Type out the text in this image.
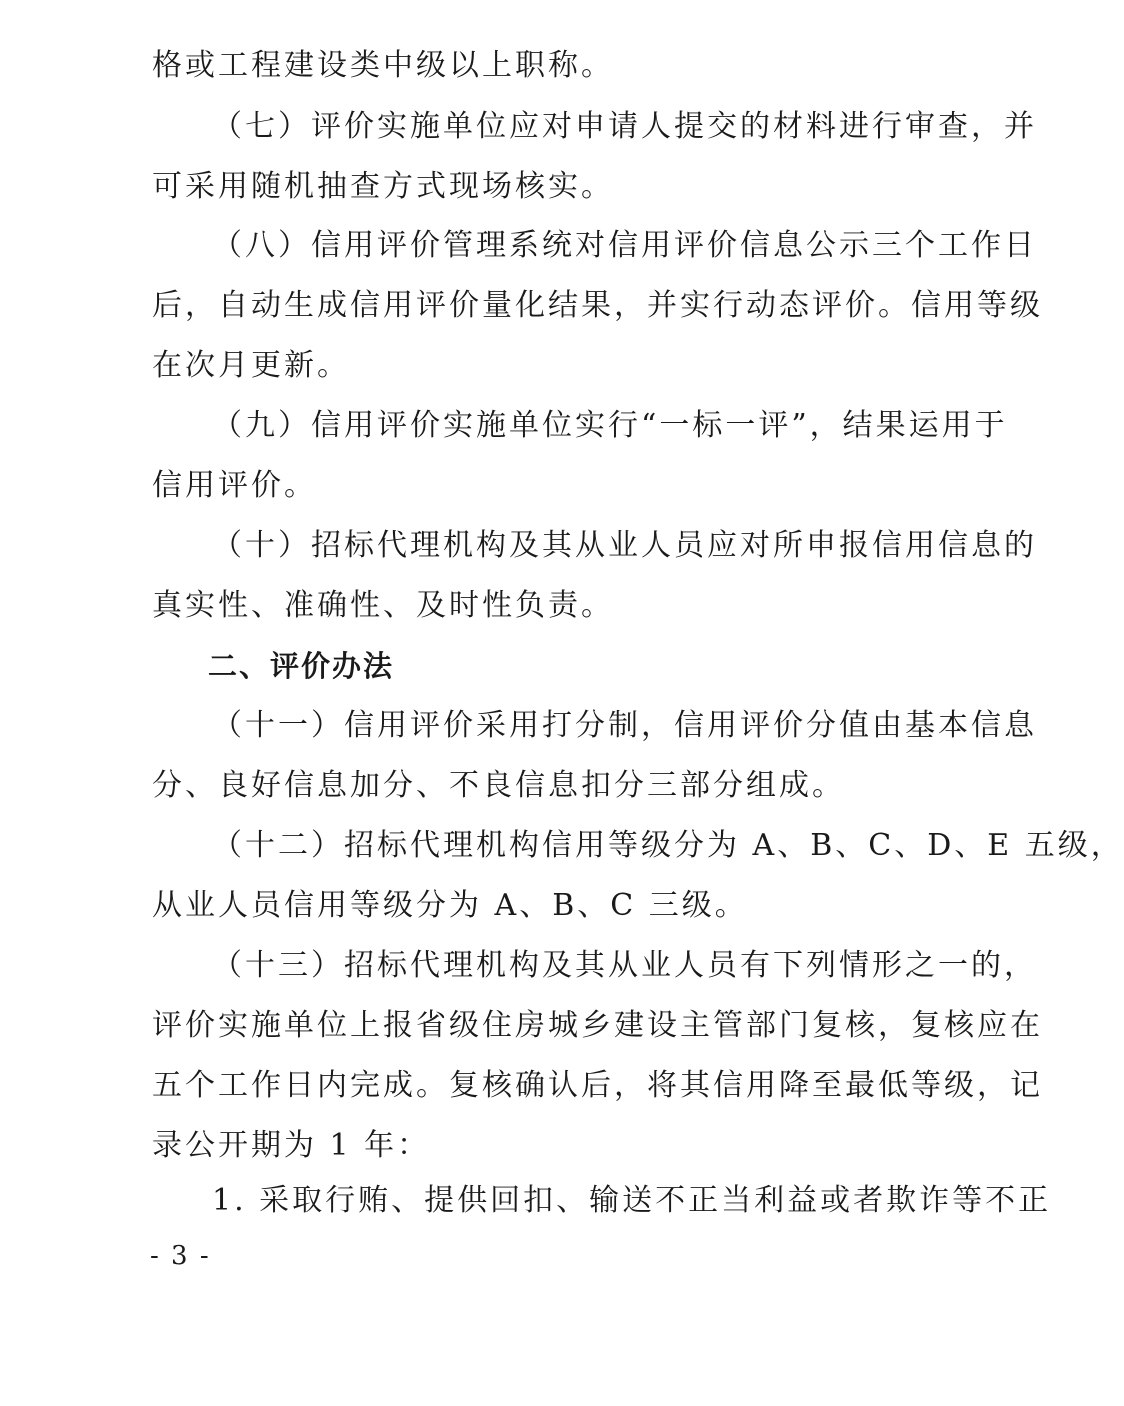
格或工程建设类中级以上职称。
（七）评价实施单位应对申请人提交的材料进行审查，并
可采用随机抽查方式现场核实。
（八）信用评价管理系统对信用评价信息公示三个工作日
后，自动生成信用评价量化结果，并实行动态评价。信用等级
在次月更新。
（九）信用评价实施单位实行“一标一评”，结果运用于
信用评价。
（十）招标代理机构及其从业人员应对所申报信用信息的
真实性、准确性、及时性负责。
二、评价办法
（十一）信用评价采用打分制，信用评价分值由基本信息
分、良好信息加分、不良信息扣分三部分组成。
（十二）招标代理机构信用等级分为 A、B、C、D、E 五级，
从业人员信用等级分为 A、B、C 三级。
（十三）招标代理机构及其从业人员有下列情形之一的，
评价实施单位上报省级住房城乡建设主管部门复核，复核应在
五个工作日内完成。复核确认后，将其信用降至最低等级，记
录公开期为 1 年：
1. 采取行贿、提供回扣、输送不正当利益或者欺诈等不正
- 3 -
